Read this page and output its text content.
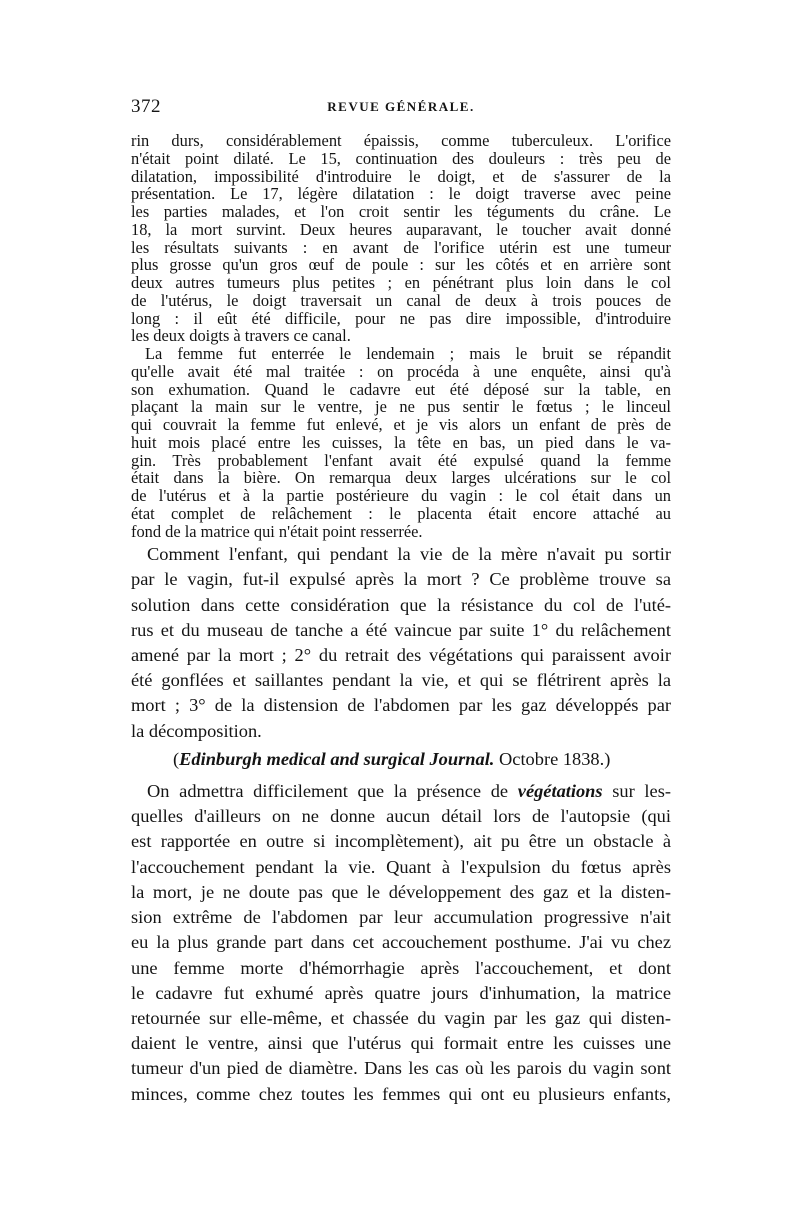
372	REVUE GÉNÉRALE.
rin durs, considérablement épaissis, comme tuberculeux. L'orifice
n'était point dilaté. Le 15, continuation des douleurs : très peu de
dilatation, impossibilité d'introduire le doigt, et de s'assurer de la
présentation. Le 17, légère dilatation : le doigt traverse avec peine
les parties malades, et l'on croit sentir les téguments du crâne. Le
18, la mort survint. Deux heures auparavant, le toucher avait donné
les résultats suivants : en avant de l'orifice utérin est une tumeur
plus grosse qu'un gros œuf de poule : sur les côtés et en arrière sont
deux autres tumeurs plus petites ; en pénétrant plus loin dans le col
de l'utérus, le doigt traversait un canal de deux à trois pouces de
long : il eût été difficile, pour ne pas dire impossible, d'introduire
les deux doigts à travers ce canal.
La femme fut enterrée le lendemain ; mais le bruit se répandit
qu'elle avait été mal traitée : on procéda à une enquête, ainsi qu'à
son exhumation. Quand le cadavre eut été déposé sur la table, en
plaçant la main sur le ventre, je ne pus sentir le fœtus ; le linceul
qui couvrait la femme fut enlevé, et je vis alors un enfant de près de
huit mois placé entre les cuisses, la tête en bas, un pied dans le va-
gin. Très probablement l'enfant avait été expulsé quand la femme
était dans la bière. On remarqua deux larges ulcérations sur le col
de l'utérus et à la partie postérieure du vagin : le col était dans un
état complet de relâchement : le placenta était encore attaché au
fond de la matrice qui n'était point resserrée.
Comment l'enfant, qui pendant la vie de la mère n'avait pu sortir
par le vagin, fut-il expulsé après la mort ? Ce problème trouve sa
solution dans cette considération que la résistance du col de l'uté-
rus et du museau de tanche a été vaincue par suite 1° du relâchement
amené par la mort ; 2° du retrait des végétations qui paraissent avoir
été gonflées et saillantes pendant la vie, et qui se flétrirent après la
mort ; 3° de la distension de l'abdomen par les gaz développés par
la décomposition.
(Edinburgh medical and surgical Journal. Octobre 1838.)
On admettra difficilement que la présence de végétations sur les-
quelles d'ailleurs on ne donne aucun détail lors de l'autopsie (qui
est rapportée en outre si incomplètement), ait pu être un obstacle à
l'accouchement pendant la vie. Quant à l'expulsion du fœtus après
la mort, je ne doute pas que le développement des gaz et la disten-
sion extrême de l'abdomen par leur accumulation progressive n'ait
eu la plus grande part dans cet accouchement posthume. J'ai vu chez
une femme morte d'hémorrhagie après l'accouchement, et dont
le cadavre fut exhumé après quatre jours d'inhumation, la matrice
retournée sur elle-même, et chassée du vagin par les gaz qui disten-
daient le ventre, ainsi que l'utérus qui formait entre les cuisses une
tumeur d'un pied de diamètre. Dans les cas où les parois du vagin sont
minces, comme chez toutes les femmes qui ont eu plusieurs enfants,
